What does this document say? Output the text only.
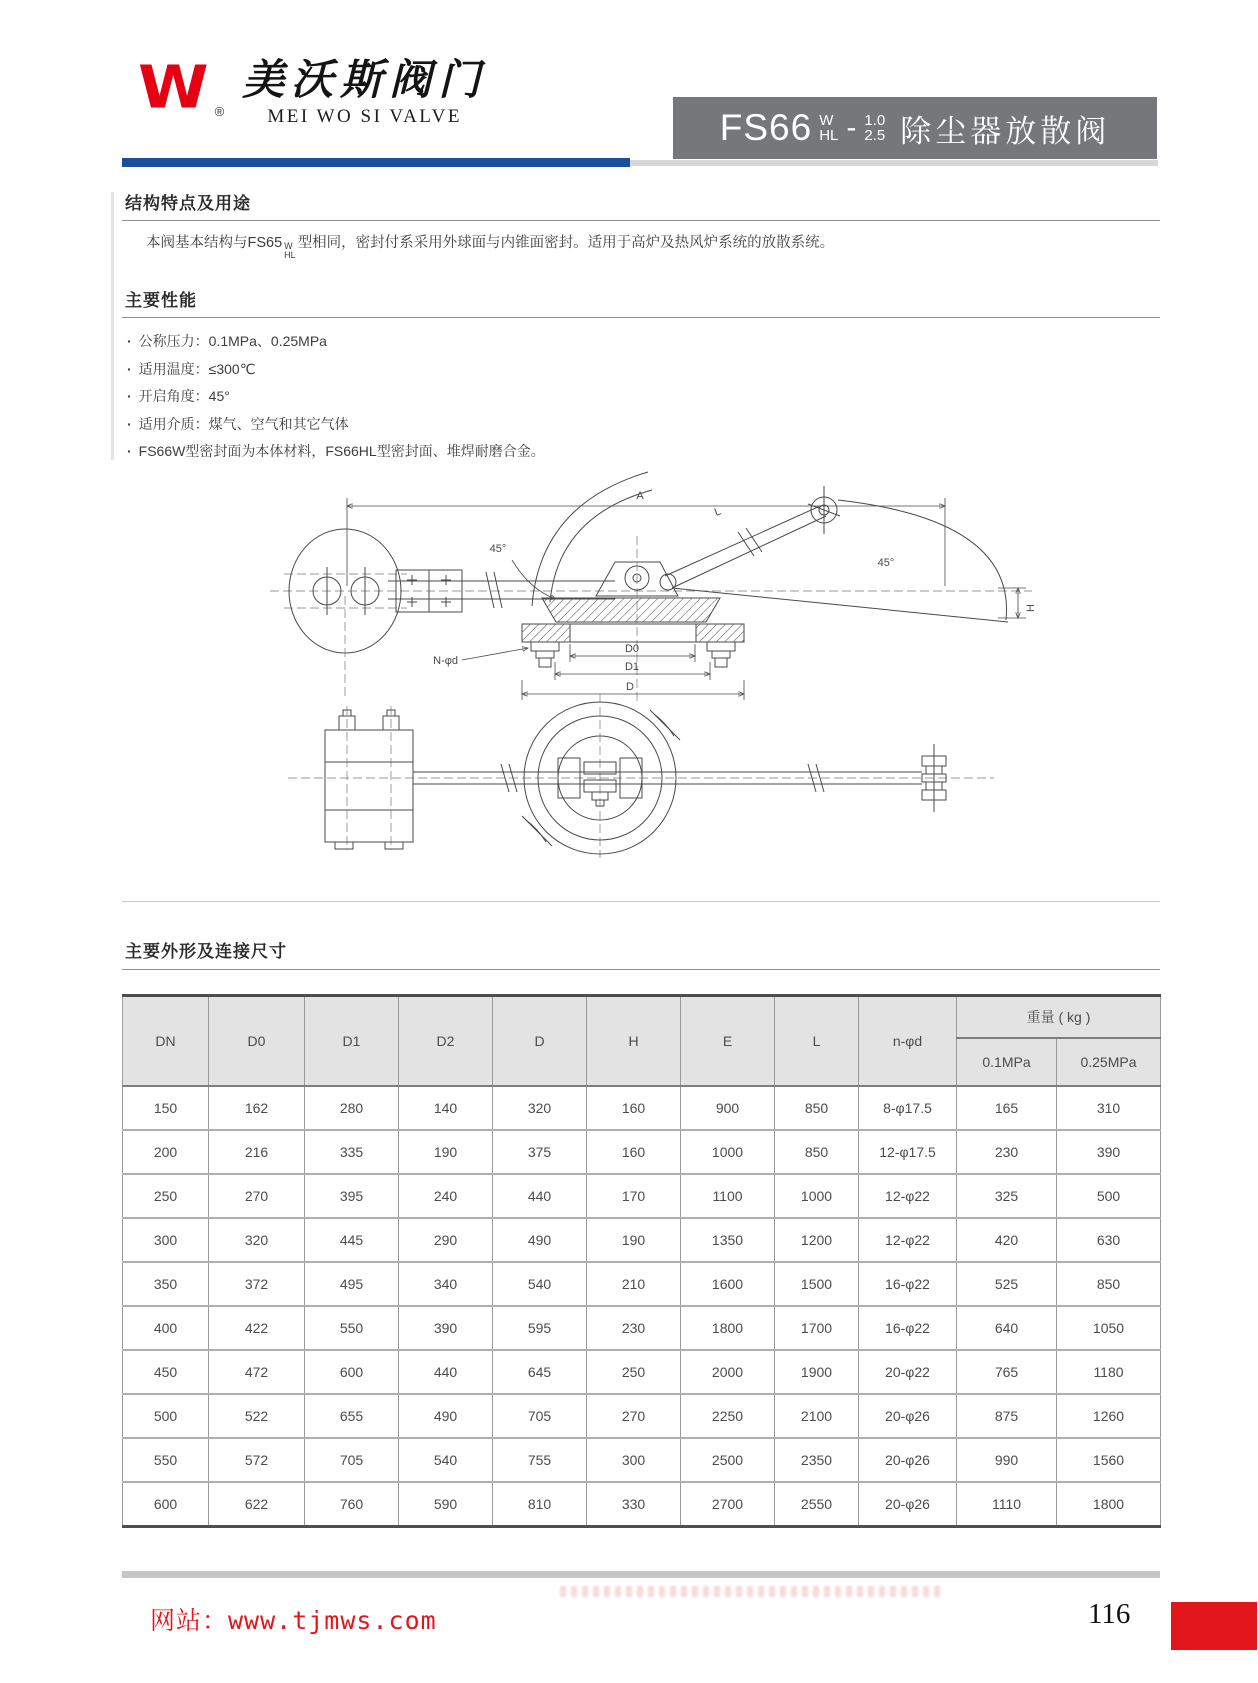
W ®
美沃斯阀门
MEI WO SI VALVE	FS66 W
HL - 1.0
2.5 除尘器放散阀
结构特点及用途
本阀基本结构与FS65 W
HL
型相同，密封付系采用外球面与内锥面密封。适用于高炉及热风炉系统的放散系统。
主要性能
· 公称压力：0.1MPa、0.25MPa
· 适用温度：≤300℃
· 开启角度：45°
· 适用介质：煤气、空气和其它气体
· FS66W型密封面为本体材料，FS66HL型密封面、堆焊耐磨合金。
A
45°
L
45°
H
D0
D1
D
N-φd
主要外形及连接尺寸
DN	D0	D1	D2	D	H	E	L	n-φd	重量 ( kg )	
									0.1MPa	0.25MPa
150	162	280	140	320	160	900	850	8-φ17.5	165	310
200	216	335	190	375	160	1000	850	12-φ17.5	230	390
250	270	395	240	440	170	1100	1000	12-φ22	325	500
300	320	445	290	490	190	1350	1200	12-φ22	420	630
350	372	495	340	540	210	1600	1500	16-φ22	525	850
400	422	550	390	595	230	1800	1700	16-φ22	640	1050
450	472	600	440	645	250	2000	1900	20-φ22	765	1180
500	522	655	490	705	270	2250	2100	20-φ26	875	1260
550	572	705	540	755	300	2500	2350	20-φ26	990	1560
600	622	760	590	810	330	2700	2550	20-φ26	1110	1800
网站：www.tjmws.com	116
